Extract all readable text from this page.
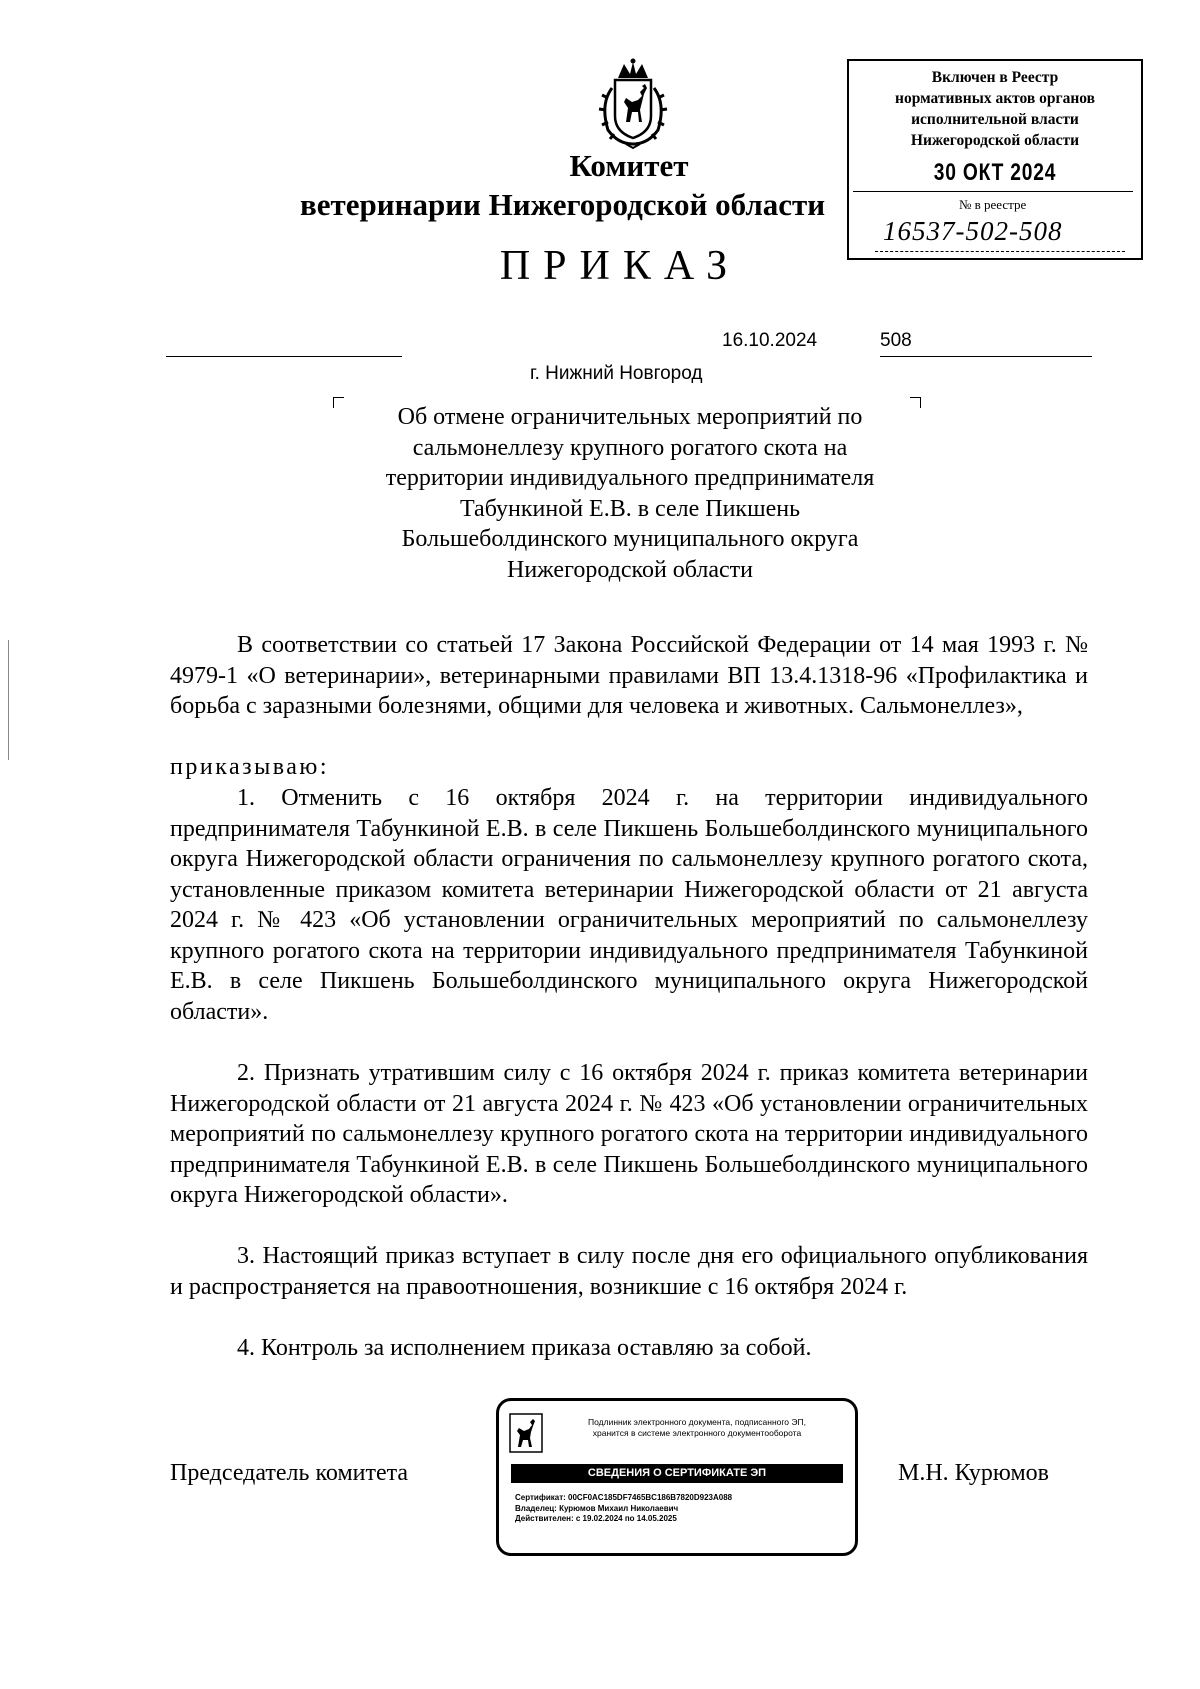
Комитет
ветеринарии Нижегородской области
ПРИКАЗ
16.10.2024	508
г. Нижний Новгород
Об отмене ограничительных мероприятий по
сальмонеллезу крупного рогатого скота на
территории индивидуального предпринимателя
Табункиной Е.В. в селе Пикшень
Большеболдинского муниципального округа
Нижегородской области
В соответствии со статьей 17 Закона Российской Федерации от 14 мая 1993 г. № 4979-1 «О ветеринарии», ветеринарными правилами ВП 13.4.1318-96 «Профилактика и борьба с заразными болезнями, общими для человека и животных. Сальмонеллез»,
приказываю:
1. Отменить с 16 октября 2024 г. на территории индивидуального предпринимателя Табункиной Е.В. в селе Пикшень Большеболдинского муниципального округа Нижегородской области ограничения по сальмонеллезу крупного рогатого скота, установленные приказом комитета ветеринарии Нижегородской области от 21 августа 2024 г. № 423 «Об установлении ограничительных мероприятий по сальмонеллезу крупного рогатого скота на территории индивидуального предпринимателя Табункиной Е.В. в селе Пикшень Большеболдинского муниципального округа Нижегородской области».
2. Признать утратившим силу с 16 октября 2024 г. приказ комитета ветеринарии Нижегородской области от 21 августа 2024 г. № 423 «Об установлении ограничительных мероприятий по сальмонеллезу крупного рогатого скота на территории индивидуального предпринимателя Табункиной Е.В. в селе Пикшень Большеболдинского муниципального округа Нижегородской области».
3. Настоящий приказ вступает в силу после дня его официального опубликования и распространяется на правоотношения, возникшие с 16 октября 2024 г.
4. Контроль за исполнением приказа оставляю за собой.
Председатель комитета	М.Н. Курюмов
Подлинник электронного документа, подписанного ЭП,
хранится в системе электронного документооборота
СВЕДЕНИЯ О СЕРТИФИКАТЕ ЭП
Сертификат: 00CF0AC185DF7465BC186B7820D923A088
Владелец: Курюмов Михаил Николаевич
Действителен: с 19.02.2024 по 14.05.2025
Включен в Реестр
нормативных актов органов
исполнительной власти
Нижегородской области
30 ОКТ 2024
№ в реестре
16537-502-508
